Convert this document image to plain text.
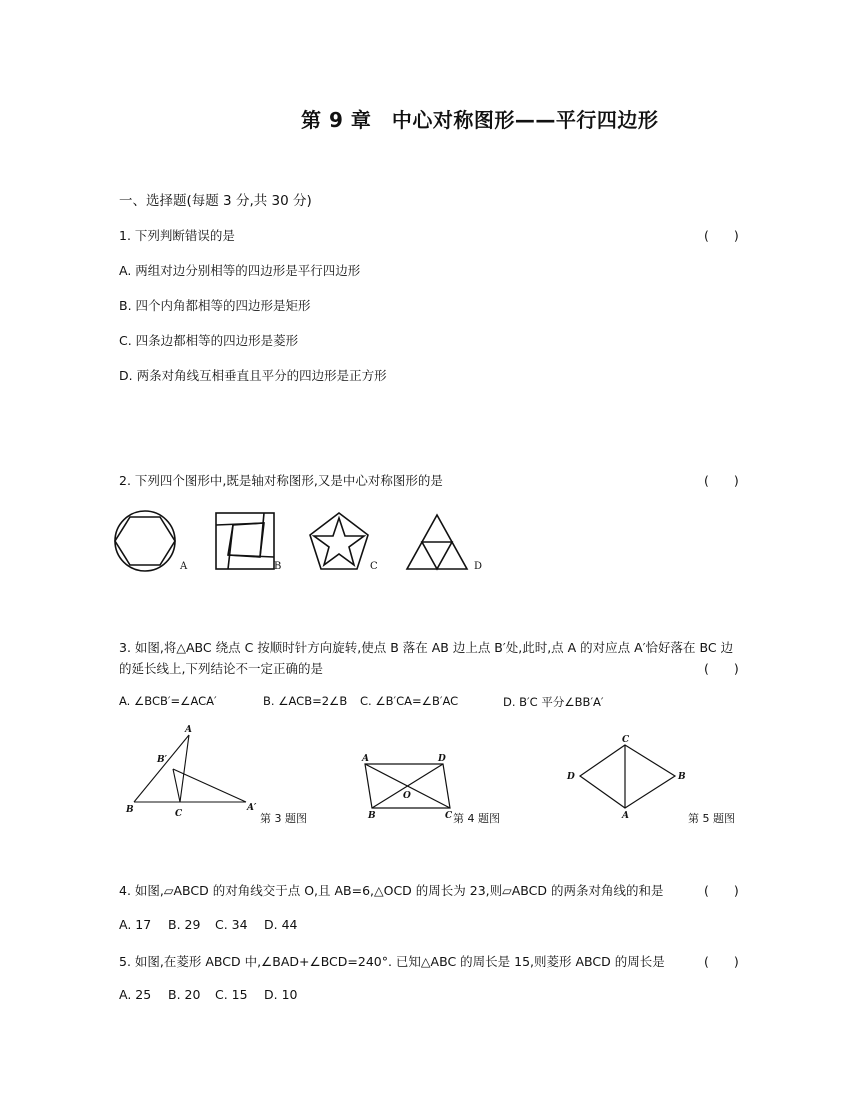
第 9 章　中心对称图形——平行四边形
一、选择题(每题 3 分,共 30 分)
1. 下列判断错误的是	(　　)
A. 两组对边分别相等的四边形是平行四边形
B. 四个内角都相等的四边形是矩形
C. 四条边都相等的四边形是菱形
D. 两条对角线互相垂直且平分的四边形是正方形
2. 下列四个图形中,既是轴对称图形,又是中心对称图形的是	(　　)
A	B	C	D
3. 如图,将△ABC 绕点 C 按顺时针方向旋转,使点 B 落在 AB 边上点 B′处,此时,点 A 的对应点 A′恰好落在 BC 边
的延长线上,下列结论不一定正确的是	(　　)
A. ∠BCB′=∠ACA′	B. ∠ACB=2∠B C. ∠B′CA=∠B′AC	D. B′C 平分∠BB′A′
A
B′
B	C
A′
第 3 题图
A	D
O
B	C 第 4 题图
C
D	B
A	第 5 题图
4. 如图,▱ABCD 的对角线交于点 O,且 AB=6,△OCD 的周长为 23,则▱ABCD 的两条对角线的和是	(　　)
A. 17 B. 29 C. 34 D. 44
5. 如图,在菱形 ABCD 中,∠BAD+∠BCD=240°. 已知△ABC 的周长是 15,则菱形 ABCD 的周长是	(　　)
A. 25 B. 20 C. 15 D. 10
